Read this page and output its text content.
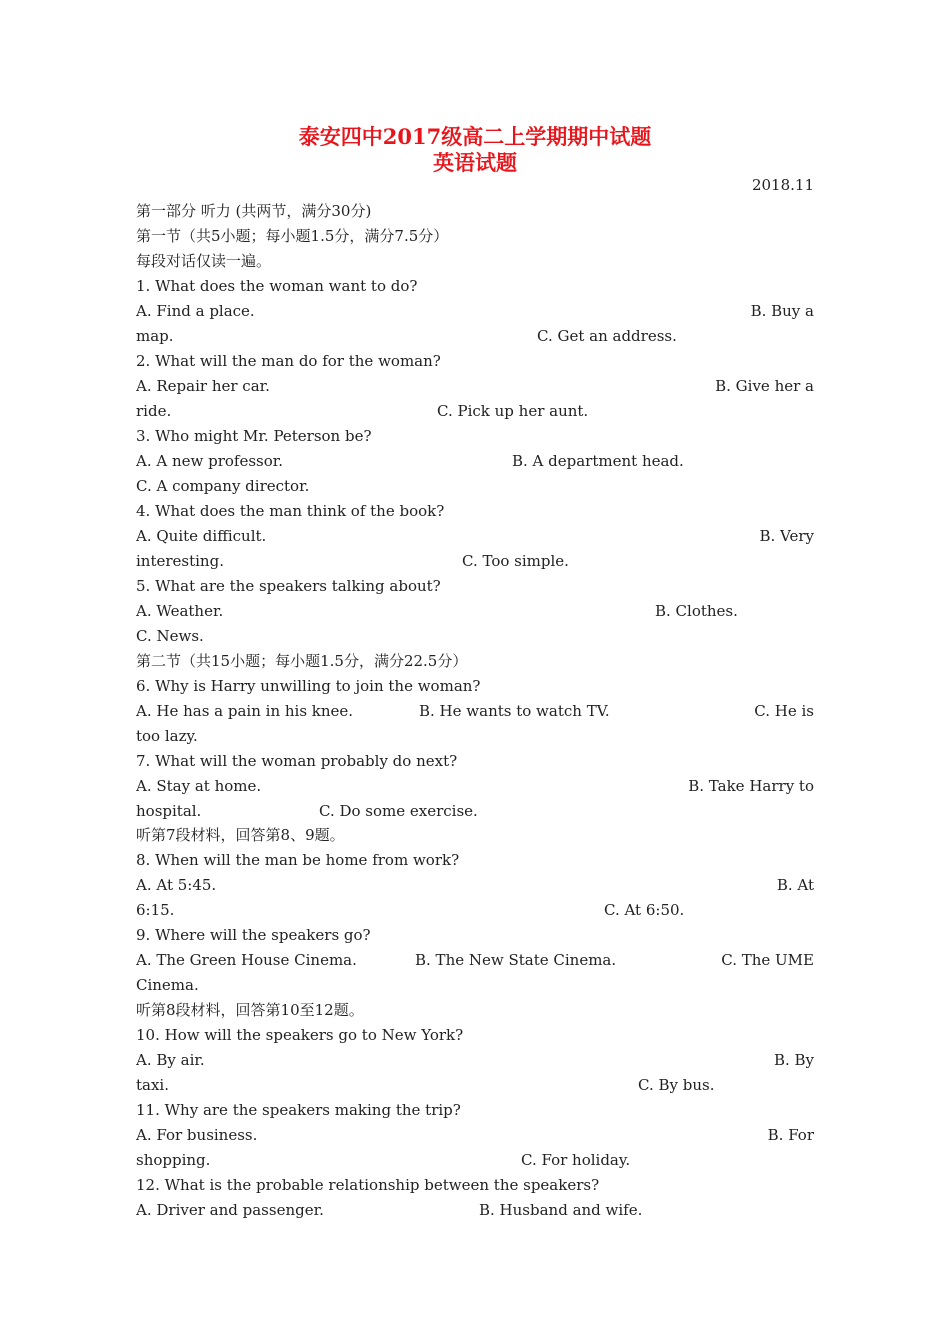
泰安四中2017级高二上学期期中试题
英语试题
2018.11
第一部分 听力 (共两节，满分30分)
第一节（共5小题；每小题1.5分，满分7.5分）
每段对话仅读一遍。
1. What does the woman want to do?
A. Find a place.	B. Buy a
map.	C. Get an address.
2. What will the man do for the woman?
A. Repair her car.	B. Give her a
ride.	C. Pick up her aunt.
3. Who might Mr. Peterson be?
A. A new professor.	B. A department head.
C. A company director.
4. What does the man think of the book?
A. Quite difficult.	B. Very
interesting.	C. Too simple.
5. What are the speakers talking about?
A. Weather.	B. Clothes.
C. News.
第二节（共15小题；每小题1.5分，满分22.5分）
6. Why is Harry unwilling to join the woman?
A. He has a pain in his knee.	B. He wants to watch TV.	C. He is
too lazy.
7. What will the woman probably do next?
A. Stay at home.	B. Take Harry to
hospital.	C. Do some exercise.
听第7段材料，回答第8、9题。
8. When will the man be home from work?
A. At 5:45.	B. At
6:15.	C. At 6:50.
9. Where will the speakers go?
A. The Green House Cinema.	B. The New State Cinema.	C. The UME
Cinema.
听第8段材料，回答第10至12题。
10. How will the speakers go to New York?
A. By air.	B. By
taxi.	C. By bus.
11. Why are the speakers making the trip?
A. For business.	B. For
shopping.	C. For holiday.
12. What is the probable relationship between the speakers?
A. Driver and passenger.	B. Husband and wife.
